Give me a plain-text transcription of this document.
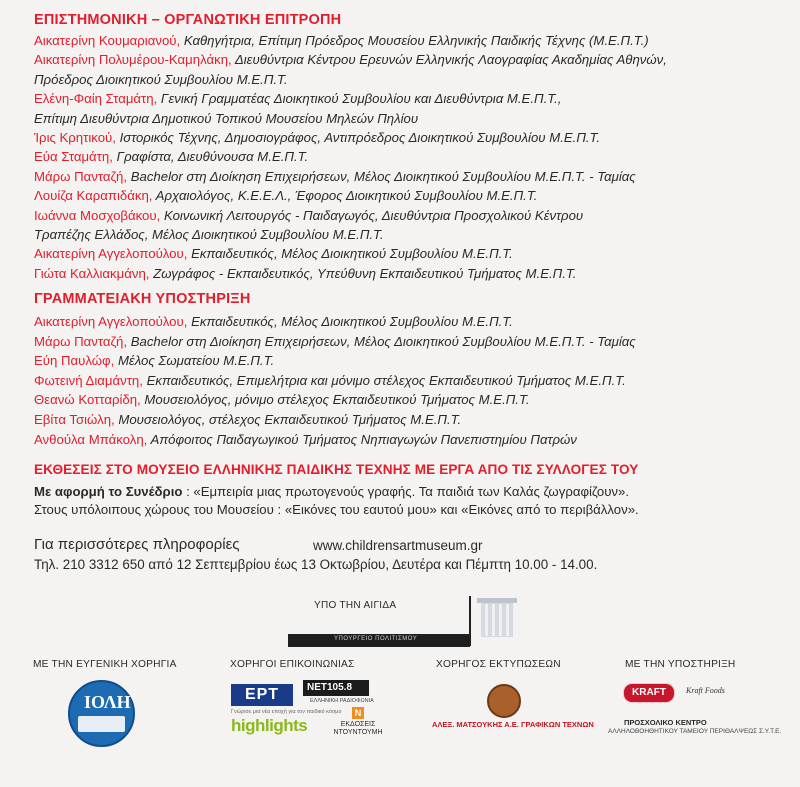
ΕΠΙΣΤΗΜΟΝΙΚΗ – ΟΡΓΑΝΩΤΙΚΗ ΕΠΙΤΡΟΠΗ
Αικατερίνη Κουμαριανού, Καθηγήτρια, Επίτιμη Πρόεδρος Μουσείου Ελληνικής Παιδικής Τέχνης (Μ.Ε.Π.Τ.)
Αικατερίνη Πολυμέρου-Καμηλάκη, Διευθύντρια Κέντρου Ερευνών Ελληνικής Λαογραφίας Ακαδημίας Αθηνών,
Πρόεδρος Διοικητικού Συμβουλίου Μ.Ε.Π.Τ.
Ελένη-Φαίη Σταμάτη, Γενική Γραμματέας Διοικητικού Συμβουλίου και Διευθύντρια Μ.Ε.Π.Τ.,
Επίτιμη Διευθύντρια Δημοτικού Τοπικού Μουσείου Μηλεών Πηλίου
Ίρις Κρητικού, Ιστορικός Τέχνης, Δημοσιογράφος, Αντιπρόεδρος Διοικητικού Συμβουλίου Μ.Ε.Π.Τ.
Εύα Σταμάτη, Γραφίστα, Διευθύνουσα Μ.Ε.Π.Τ.
Μάρω Πανταζή, Bachelor στη Διοίκηση Επιχειρήσεων, Μέλος Διοικητικού Συμβουλίου Μ.Ε.Π.Τ. - Ταμίας
Λουίζα Καραπιδάκη, Αρχαιολόγος, Κ.Ε.Ε.Λ., Έφορος Διοικητικού Συμβουλίου Μ.Ε.Π.Τ.
Ιωάννα Μοσχοβάκου, Κοινωνική Λειτουργός - Παιδαγωγός, Διευθύντρια Προσχολικού Κέντρου
Τραπέζης Ελλάδος, Μέλος Διοικητικού Συμβουλίου Μ.Ε.Π.Τ.
Αικατερίνη Αγγελοπούλου, Εκπαιδευτικός, Μέλος Διοικητικού Συμβουλίου Μ.Ε.Π.Τ.
Γιώτα Καλλιακμάνη, Ζωγράφος - Εκπαιδευτικός, Υπεύθυνη Εκπαιδευτικού Τμήματος Μ.Ε.Π.Τ.
ΓΡΑΜΜΑΤΕΙΑΚΗ ΥΠΟΣΤΗΡΙΞΗ
Αικατερίνη Αγγελοπούλου, Εκπαιδευτικός, Μέλος Διοικητικού Συμβουλίου Μ.Ε.Π.Τ.
Μάρω Πανταζή, Bachelor στη Διοίκηση Επιχειρήσεων, Μέλος Διοικητικού Συμβουλίου Μ.Ε.Π.Τ. - Ταμίας
Εύη Παυλώφ, Μέλος Σωματείου Μ.Ε.Π.Τ.
Φωτεινή Διαμάντη, Εκπαιδευτικός, Επιμελήτρια και μόνιμο στέλεχος Εκπαιδευτικού Τμήματος Μ.Ε.Π.Τ.
Θεανώ Κοτταρίδη, Μουσειολόγος, μόνιμο στέλεχος Εκπαιδευτικού Τμήματος Μ.Ε.Π.Τ.
Εβίτα Τσιώλη, Μουσειολόγος, στέλεχος Εκπαιδευτικού Τμήματος Μ.Ε.Π.Τ.
Ανθούλα Μπάκολη, Απόφοιτος Παιδαγωγικού Τμήματος Νηπιαγωγών Πανεπιστημίου Πατρών
ΕΚΘΕΣΕΙΣ ΣΤΟ ΜΟΥΣΕΙΟ ΕΛΛΗΝΙΚΗΣ ΠΑΙΔΙΚΗΣ ΤΕΧΝΗΣ ΜΕ ΕΡΓΑ ΑΠΟ ΤΙΣ ΣΥΛΛΟΓΕΣ ΤΟΥ
Με αφορμή το Συνέδριο : «Εμπειρία μιας πρωτογενούς γραφής. Τα παιδιά των Καλάς ζωγραφίζουν».
Στους υπόλοιπους χώρους του Μουσείου : «Εικόνες του εαυτού μου» και «Εικόνες από το περιβάλλον».
Για περισσότερες πληροφορίες	www.childrensartmuseum.gr
Τηλ. 210 3312 650 από 12 Σεπτεμβρίου έως 13 Οκτωβρίου, Δευτέρα και Πέμπτη 10.00 - 14.00.
ΥΠΟ ΤΗΝ ΑΙΓΙΔΑ
ΥΠΟΥΡΓΕΙΟ ΠΟΛΙΤΙΣΜΟΥ
ΜΕ ΤΗΝ ΕΥΓΕΝΙΚΗ ΧΟΡΗΓΙΑ	ΧΟΡΗΓΟΙ ΕΠΙΚΟΙΝΩΝΙΑΣ	ΧΟΡΗΓΟΣ ΕΚΤΥΠΩΣΕΩΝ	ΜΕ ΤΗΝ ΥΠΟΣΤΗΡΙΞΗ
ΙΟΛΗ	ΕΡΤ	NET105.8
ΕΛΛΗΝΙΚΗ ΡΑΔΙΟΦΩΝΙΑ
Γνώρισε μια νέα εποχή για τον παιδικό κόσμο
highlights
Ν
ΕΚΔΟΣΕΙΣ ΝΤΟΥΝΤΟΥΜΗ
ΑΛΕΞ. ΜΑΤΣΟΥΚΗΣ Α.Ε. ΓΡΑΦΙΚΩΝ ΤΕΧΝΩΝ
KRAFT	Kraft Foods
ΠΡΟΣΧΟΛΙΚΟ ΚΕΝΤΡΟ
ΑΛΛΗΛΟΒΟΗΘΗΤΙΚΟΥ ΤΑΜΕΙΟΥ ΠΕΡΙΘΑΛΨΕΩΣ Σ.Υ.Τ.Ε.
